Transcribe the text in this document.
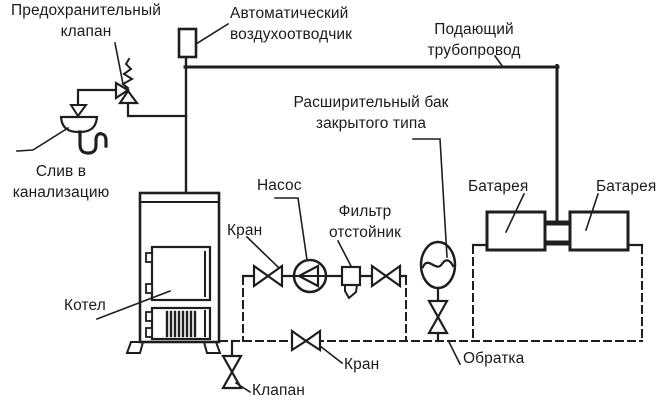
Предохранительный
клапан
Автоматический
воздухоотводчик	Подающий
трубопровод
Расширительный бак
закрытого типа
Батарея	Батарея
Насос
Фильтр
отстойник
Кран
Кран
Котел
Слив в
канализацию
Обратка
Клапан
